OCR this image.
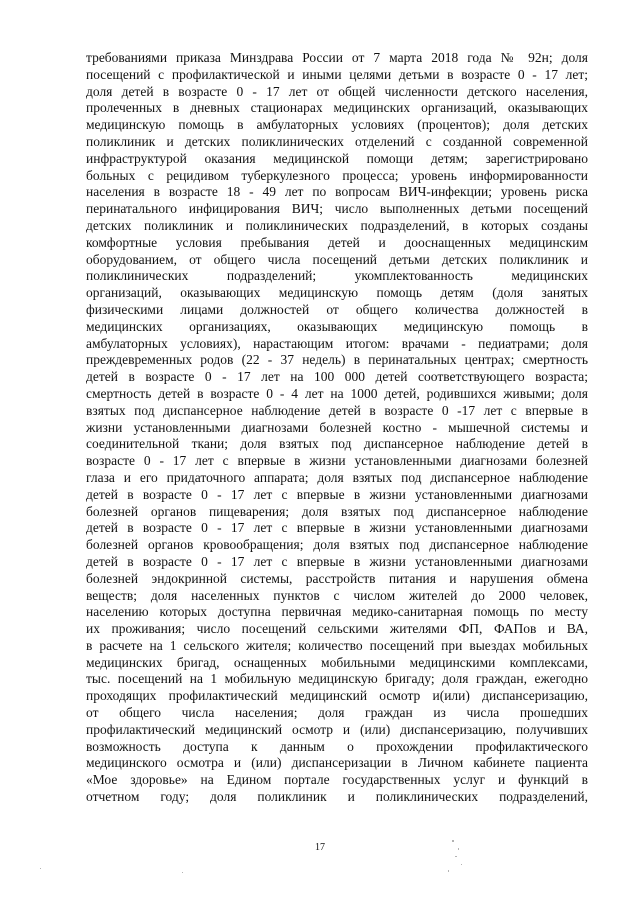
требованиями приказа Минздрава России от 7 марта 2018 года № 92н; доля
посещений с профилактической и иными целями детьми в возрасте 0 - 17 лет;
доля детей в возрасте 0 - 17 лет от общей численности детского населения,
пролеченных в дневных стационарах медицинских организаций, оказывающих
медицинскую помощь в амбулаторных условиях (процентов); доля детских
поликлиник и детских поликлинических отделений с созданной современной
инфраструктурой оказания медицинской помощи детям; зарегистрировано
больных с рецидивом туберкулезного процесса; уровень информированности
населения в возрасте 18 - 49 лет по вопросам ВИЧ-инфекции; уровень риска
перинатального инфицирования ВИЧ; число выполненных детьми посещений
детских поликлиник и поликлинических подразделений, в которых созданы
комфортные условия пребывания детей и дооснащенных медицинским
оборудованием, от общего числа посещений детьми детских поликлиник и
поликлинических подразделений; укомплектованность медицинских
организаций, оказывающих медицинскую помощь детям (доля занятых
физическими лицами должностей от общего количества должностей в
медицинских организациях, оказывающих медицинскую помощь в
амбулаторных условиях), нарастающим итогом: врачами - педиатрами; доля
преждевременных родов (22 - 37 недель) в перинатальных центрах; смертность
детей в возрасте 0 - 17 лет на 100 000 детей соответствующего возраста;
смертность детей в возрасте 0 - 4 лет на 1000 детей, родившихся живыми; доля
взятых под диспансерное наблюдение детей в возрасте 0 -17 лет с впервые в
жизни установленными диагнозами болезней костно - мышечной системы и
соединительной ткани; доля взятых под диспансерное наблюдение детей в
возрасте 0 - 17 лет с впервые в жизни установленными диагнозами болезней
глаза и его придаточного аппарата; доля взятых под диспансерное наблюдение
детей в возрасте 0 - 17 лет с впервые в жизни установленными диагнозами
болезней органов пищеварения; доля взятых под диспансерное наблюдение
детей в возрасте 0 - 17 лет с впервые в жизни установленными диагнозами
болезней органов кровообращения; доля взятых под диспансерное наблюдение
детей в возрасте 0 - 17 лет с впервые в жизни установленными диагнозами
болезней эндокринной системы, расстройств питания и нарушения обмена
веществ; доля населенных пунктов с числом жителей до 2000 человек,
населению которых доступна первичная медико-санитарная помощь по месту
их проживания; число посещений сельскими жителями ФП, ФАПов и ВА,
в расчете на 1 сельского жителя; количество посещений при выездах мобильных
медицинских бригад, оснащенных мобильными медицинскими комплексами,
тыс. посещений на 1 мобильную медицинскую бригаду; доля граждан, ежегодно
проходящих профилактический медицинский осмотр и(или) диспансеризацию,
от общего числа населения; доля граждан из числа прошедших
профилактический медицинский осмотр и (или) диспансеризацию, получивших
возможность доступа к данным о прохождении профилактического
медицинского осмотра и (или) диспансеризации в Личном кабинете пациента
«Мое здоровье» на Едином портале государственных услуг и функций в
отчетном году; доля поликлиник и поликлинических подразделений,
17
